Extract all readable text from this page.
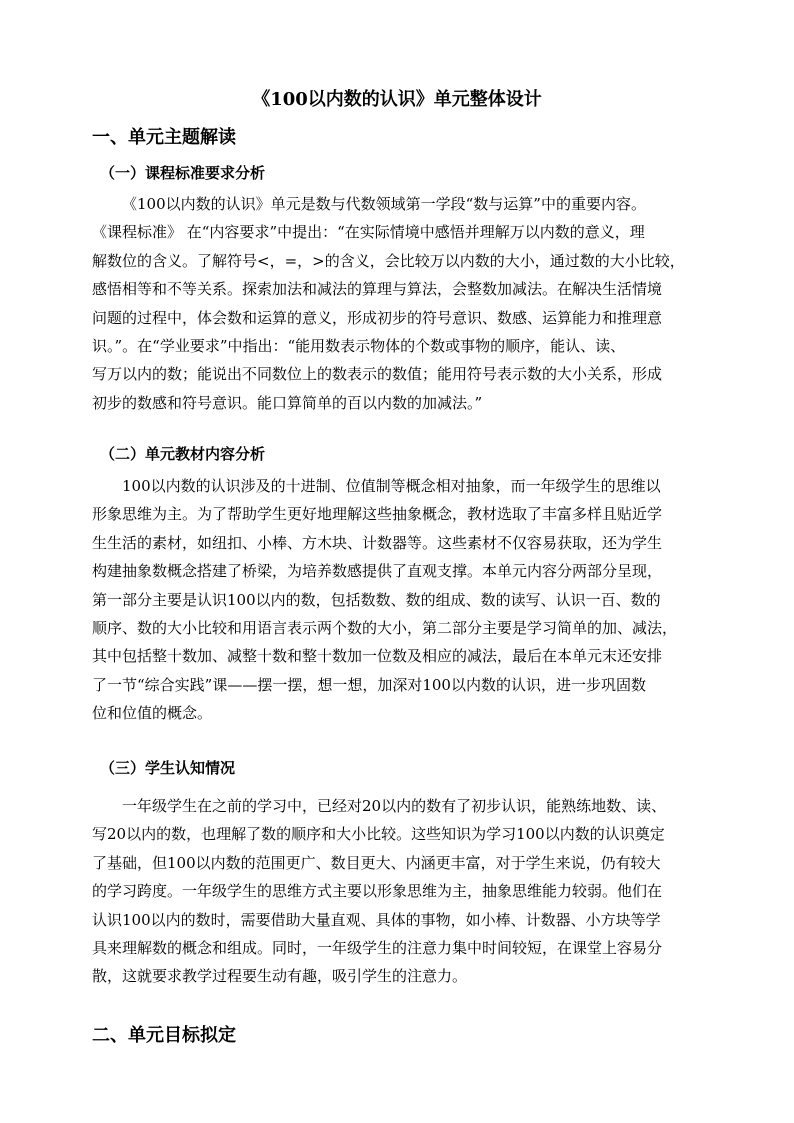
《100以内数的认识》单元整体设计
一、单元主题解读
（一）课程标准要求分析
《100以内数的认识》单元是数与代数领域第一学段“数与运算”中的重要内容。
《课程标准》 在“内容要求”中提出：“在实际情境中感悟并理解万以内数的意义，理
解数位的含义。了解符号<，=，>的含义，会比较万以内数的大小，通过数的大小比较，
感悟相等和不等关系。探索加法和减法的算理与算法，会整数加减法。在解决生活情境
问题的过程中，体会数和运算的意义，形成初步的符号意识、数感、运算能力和推理意
识。”。在“学业要求”中指出：“能用数表示物体的个数或事物的顺序，能认、读、
写万以内的数；能说出不同数位上的数表示的数值；能用符号表示数的大小关系，形成
初步的数感和符号意识。能口算简单的百以内数的加减法。”
（二）单元教材内容分析
100以内数的认识涉及的十进制、位值制等概念相对抽象，而一年级学生的思维以
形象思维为主。为了帮助学生更好地理解这些抽象概念，教材选取了丰富多样且贴近学
生生活的素材，如纽扣、小棒、方木块、计数器等。这些素材不仅容易获取，还为学生
构建抽象数概念搭建了桥梁，为培养数感提供了直观支撑。本单元内容分两部分呈现，
第一部分主要是认识100以内的数，包括数数、数的组成、数的读写、认识一百、数的
顺序、数的大小比较和用语言表示两个数的大小，第二部分主要是学习简单的加、减法，
其中包括整十数加、减整十数和整十数加一位数及相应的减法，最后在本单元末还安排
了一节“综合实践”课——摆一摆，想一想，加深对100以内数的认识，进一步巩固数
位和位值的概念。
（三）学生认知情况
一年级学生在之前的学习中，已经对20以内的数有了初步认识，能熟练地数、读、
写20以内的数，也理解了数的顺序和大小比较。这些知识为学习100以内数的认识奠定
了基础，但100以内数的范围更广、数目更大、内涵更丰富，对于学生来说，仍有较大
的学习跨度。一年级学生的思维方式主要以形象思维为主，抽象思维能力较弱。他们在
认识100以内的数时，需要借助大量直观、具体的事物，如小棒、计数器、小方块等学
具来理解数的概念和组成。同时，一年级学生的注意力集中时间较短，在课堂上容易分
散，这就要求教学过程要生动有趣，吸引学生的注意力。
二、单元目标拟定
